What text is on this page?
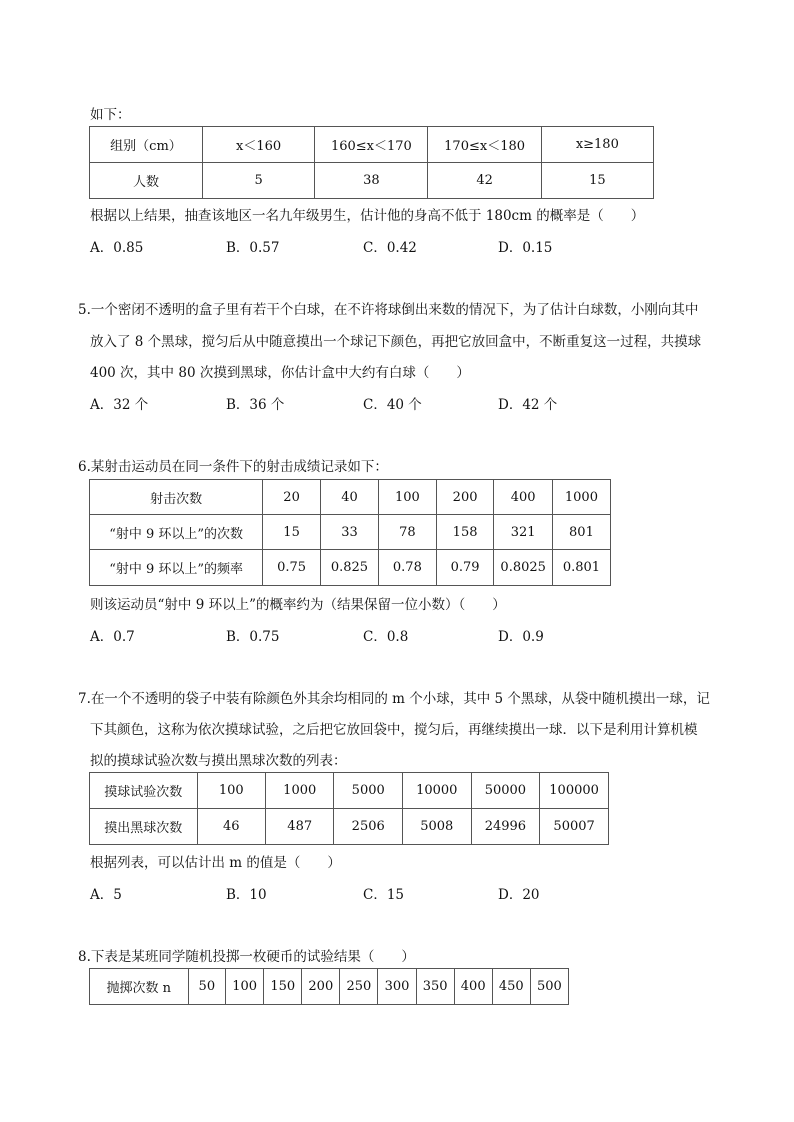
如下：
组别（cm）	x＜160	160≤x＜170	170≤x＜180	x≥180
人数	5	38	42	15
根据以上结果，抽查该地区一名九年级男生，估计他的身高不低于 180cm 的概率是（　　）
A．0.85	B．0.57	C．0.42	D．0.15
5.一个密闭不透明的盒子里有若干个白球，在不许将球倒出来数的情况下，为了估计白球数，小刚向其中
放入了 8 个黑球，搅匀后从中随意摸出一个球记下颜色，再把它放回盒中，不断重复这一过程，共摸球
400 次，其中 80 次摸到黑球，你估计盒中大约有白球（　　）
A．32 个	B．36 个	C．40 个	D．42 个
6.某射击运动员在同一条件下的射击成绩记录如下：
射击次数	20	40	100	200	400	1000
“射中 9 环以上”的次数	15	33	78	158	321	801
“射中 9 环以上”的频率	0.75	0.825	0.78	0.79	0.8025	0.801
则该运动员“射中 9 环以上”的概率约为（结果保留一位小数）（　　）
A．0.7	B．0.75	C．0.8	D．0.9
7.在一个不透明的袋子中装有除颜色外其余均相同的 m 个小球，其中 5 个黑球，从袋中随机摸出一球，记
下其颜色，这称为依次摸球试验，之后把它放回袋中，搅匀后，再继续摸出一球．以下是利用计算机模
拟的摸球试验次数与摸出黑球次数的列表：
摸球试验次数	100	1000	5000	10000	50000	100000
摸出黑球次数	46	487	2506	5008	24996	50007
根据列表，可以估计出 m 的值是（　　）
A．5	B．10	C．15	D．20
8.下表是某班同学随机投掷一枚硬币的试验结果（　　）
抛掷次数 n	50	100	150	200	250	300	350	400	450	500
